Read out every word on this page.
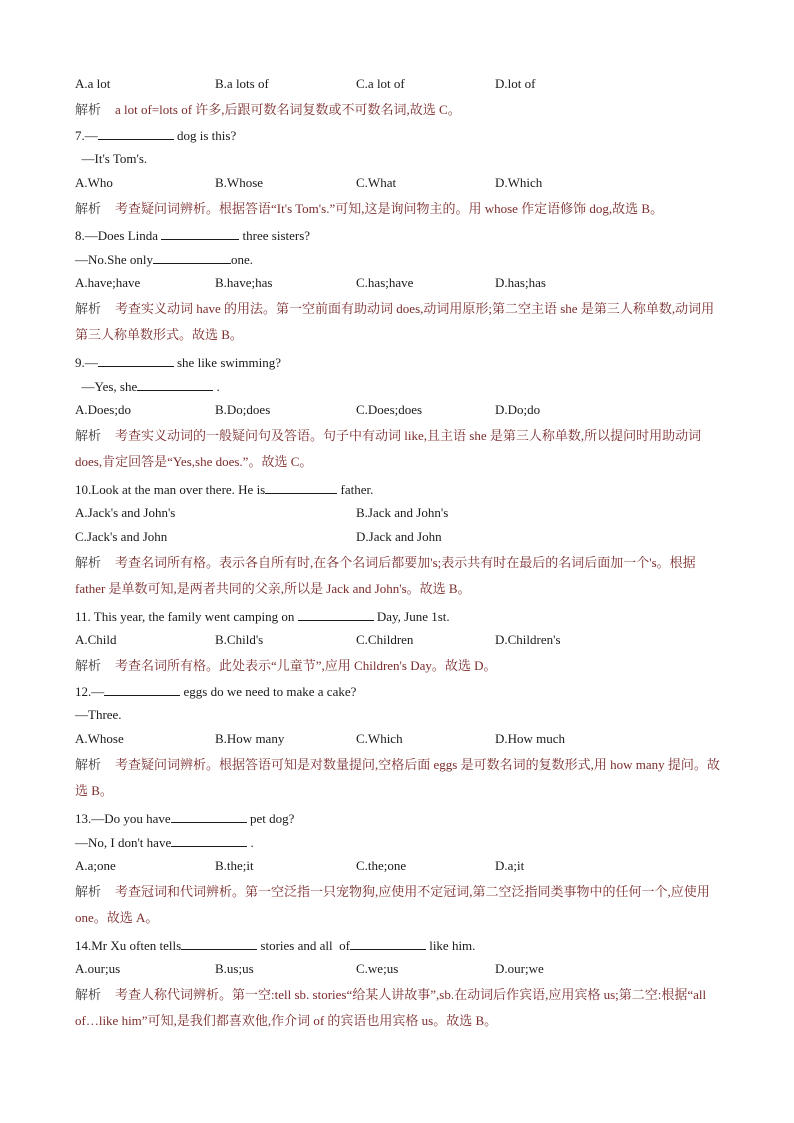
A.a lot	B.a lots of	C.a lot of	D.lot of
解析 a lot of=lots of 许多,后跟可数名词复数或不可数名词,故选 C。
7.—	dog is this?
—It's Tom's.
A.Who	B.Whose	C.What	D.Which
解析 考查疑问词辨析。根据答语“It's Tom's.”可知,这是询问物主的。用 whose 作定语修饰 dog,故选 B。
8.—Does Linda	three sisters?
—No.She only	one.
A.have;have	B.have;has	C.has;have	D.has;has
解析 考查实义动词 have 的用法。第一空前面有助动词 does,动词用原形;第二空主语 she 是第三人称单数,动词用第三人称单数形式。故选 B。
9.—	she like swimming?
—Yes, she	.
A.Does;do	B.Do;does	C.Does;does	D.Do;do
解析 考查实义动词的一般疑问句及答语。句子中有动词 like,且主语 she 是第三人称单数,所以提问时用助动词 does,肯定回答是“Yes,she does.”。故选 C。
10.Look at the man over there. He is	father.
A.Jack's and John's	B.Jack and John's
C.Jack's and John	D.Jack and John
解析 考查名词所有格。表示各自所有时,在各个名词后都要加's;表示共有时在最后的名词后面加一个's。根据 father 是单数可知,是两者共同的父亲,所以是 Jack and John's。故选 B。
11. This year, the family went camping on	Day, June 1st.
A.Child	B.Child's	C.Children	D.Children's
解析 考查名词所有格。此处表示“儿童节”,应用 Children's Day。故选 D。
12.—	eggs do we need to make a cake?
—Three.
A.Whose	B.How many	C.Which	D.How much
解析 考查疑问词辨析。根据答语可知是对数量提问,空格后面 eggs 是可数名词的复数形式,用 how many 提问。故选 B。
13.—Do you have	pet dog?
—No, I don't have	.
A.a;one	B.the;it	C.the;one	D.a;it
解析 考查冠词和代词辨析。第一空泛指一只宠物狗,应使用不定冠词,第二空泛指同类事物中的任何一个,应使用 one。故选 A。
14.Mr Xu often tells	stories and all  of	like him.
A.our;us	B.us;us	C.we;us	D.our;we
解析 考查人称代词辨析。第一空:tell sb. stories“给某人讲故事”,sb.在动词后作宾语,应用宾格 us;第二空:根据“all of…like him”可知,是我们都喜欢他,作介词 of 的宾语也用宾格 us。故选 B。
